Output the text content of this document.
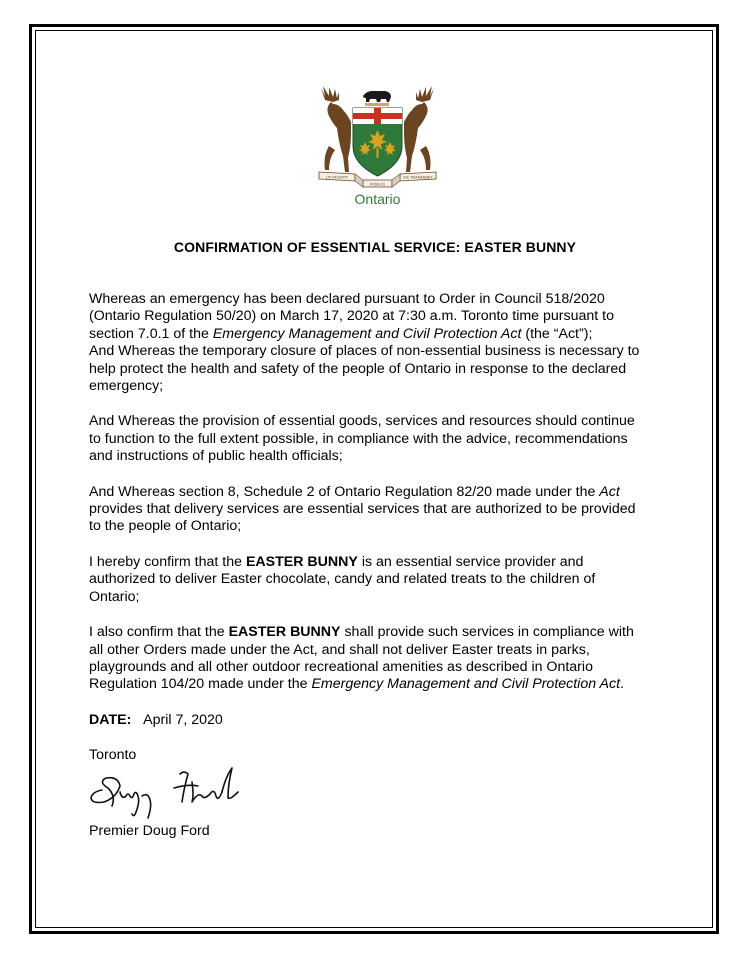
UT INCEPIT
FIDELIS
SIC PERMANET
Ontario
CONFIRMATION OF ESSENTIAL SERVICE: EASTER BUNNY

Whereas an emergency has been declared pursuant to Order in Council 518/2020
(Ontario Regulation 50/20) on March 17, 2020 at 7:30 a.m. Toronto time pursuant to
section 7.0.1 of the Emergency Management and Civil Protection Act (the “Act”);
And Whereas the temporary closure of places of non-essential business is necessary to
help protect the health and safety of the people of Ontario in response to the declared
emergency;

And Whereas the provision of essential goods, services and resources should continue
to function to the full extent possible, in compliance with the advice, recommendations
and instructions of public health officials;

And Whereas section 8, Schedule 2 of Ontario Regulation 82/20 made under the Act
provides that delivery services are essential services that are authorized to be provided
to the people of Ontario;

I hereby confirm that the EASTER BUNNY is an essential service provider and
authorized to deliver Easter chocolate, candy and related treats to the children of
Ontario;

I also confirm that the EASTER BUNNY shall provide such services in compliance with
all other Orders made under the Act, and shall not deliver Easter treats in parks,
playgrounds and all other outdoor recreational amenities as described in Ontario
Regulation 104/20 made under the Emergency Management and Civil Protection Act.

DATE: April 7, 2020

Toronto

Premier Doug Ford
